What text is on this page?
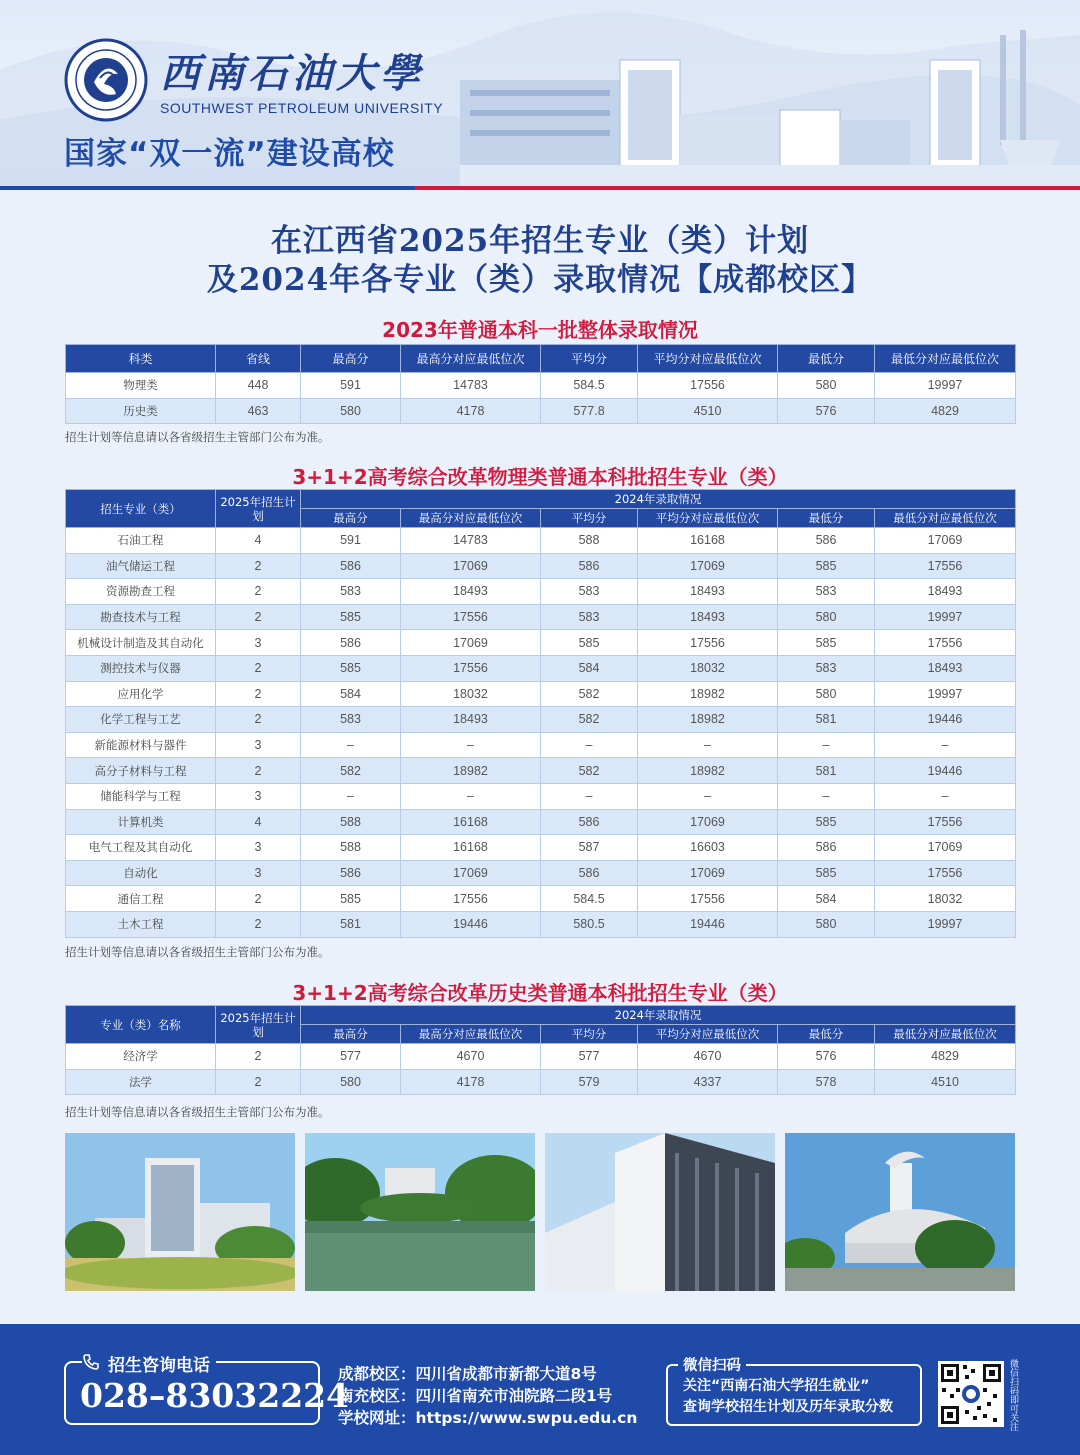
西南石油大學
SOUTHWEST PETROLEUM UNIVERSITY
国家“双一流”建设高校
在江西省2025年招生专业（类）计划
及2024年各专业（类）录取情况【成都校区】
2023年普通本科一批整体录取情况
科类	省线	最高分	最高分对应最低位次	平均分	平均分对应最低位次	最低分	最低分对应最低位次
物理类	448	591	14783	584.5	17556	580	19997
历史类	463	580	4178	577.8	4510	576	4829
招生计划等信息请以各省级招生主管部门公布为准。
3+1+2高考综合改革物理类普通本科批招生专业（类）
招生专业（类）	2025年招生计划	2024年录取情况					
		最高分	最高分对应最低位次	平均分	平均分对应最低位次	最低分	最低分对应最低位次
石油工程	4	591	14783	588	16168	586	17069
油气储运工程	2	586	17069	586	17069	585	17556
资源勘查工程	2	583	18493	583	18493	583	18493
勘查技术与工程	2	585	17556	583	18493	580	19997
机械设计制造及其自动化	3	586	17069	585	17556	585	17556
测控技术与仪器	2	585	17556	584	18032	583	18493
应用化学	2	584	18032	582	18982	580	19997
化学工程与工艺	2	583	18493	582	18982	581	19446
新能源材料与器件	3	–	–	–	–	–	–
高分子材料与工程	2	582	18982	582	18982	581	19446
储能科学与工程	3	–	–	–	–	–	–
计算机类	4	588	16168	586	17069	585	17556
电气工程及其自动化	3	588	16168	587	16603	586	17069
自动化	3	586	17069	586	17069	585	17556
通信工程	2	585	17556	584.5	17556	584	18032
土木工程	2	581	19446	580.5	19446	580	19997
招生计划等信息请以各省级招生主管部门公布为准。
3+1+2高考综合改革历史类普通本科批招生专业（类）
专业（类）名称	2025年招生计划	2024年录取情况					
		最高分	最高分对应最低位次	平均分	平均分对应最低位次	最低分	最低分对应最低位次
经济学	2	577	4670	577	4670	576	4829
法学	2	580	4178	579	4337	578	4510
招生计划等信息请以各省级招生主管部门公布为准。
招生咨询电话
028–83032224
成都校区：四川省成都市新都大道8号
南充校区：四川省南充市油院路二段1号
学校网址：https://www.swpu.edu.cn
微信扫码
关注“西南石油大学招生就业”
查询学校招生计划及历年录取分数	微信扫码即可关注
